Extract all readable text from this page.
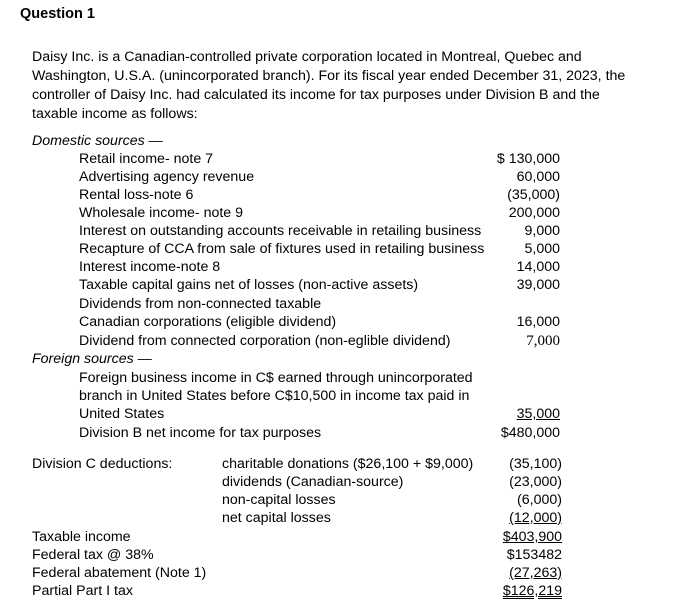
Question 1
Daisy Inc. is a Canadian-controlled private corporation located in Montreal, Quebec and Washington, U.S.A. (unincorporated branch). For its fiscal year ended December 31, 2023, the controller of Daisy Inc. had calculated its income for tax purposes under Division B and the taxable income as follows:
Domestic sources —
Retail income- note 7	$ 130,000
Advertising agency revenue	60,000
Rental loss-note 6	(35,000)
Wholesale income- note 9	200,000
Interest on outstanding accounts receivable in retailing business	9,000
Recapture of CCA from sale of fixtures used in retailing business	5,000
Interest income-note 8	14,000
Taxable capital gains net of losses (non-active assets)	39,000
Dividends from non-connected taxable
Canadian corporations (eligible dividend)	16,000
Dividend from connected corporation (non-eglible dividend)	7,000
Foreign sources —
Foreign business income in C$ earned through unincorporated
branch in United States before C$10,500 in income tax paid in
United States	35,000
Division B net income for tax purposes	$480,000
Division C deductions:	charitable donations ($26,100 + $9,000)	(35,100)
dividends (Canadian-source)	(23,000)
non-capital losses	(6,000)
net capital losses	(12,000)
Taxable income	$403,900
Federal tax @ 38%	$153482
Federal abatement (Note 1)	(27,263)
Partial Part I tax	$126,219
